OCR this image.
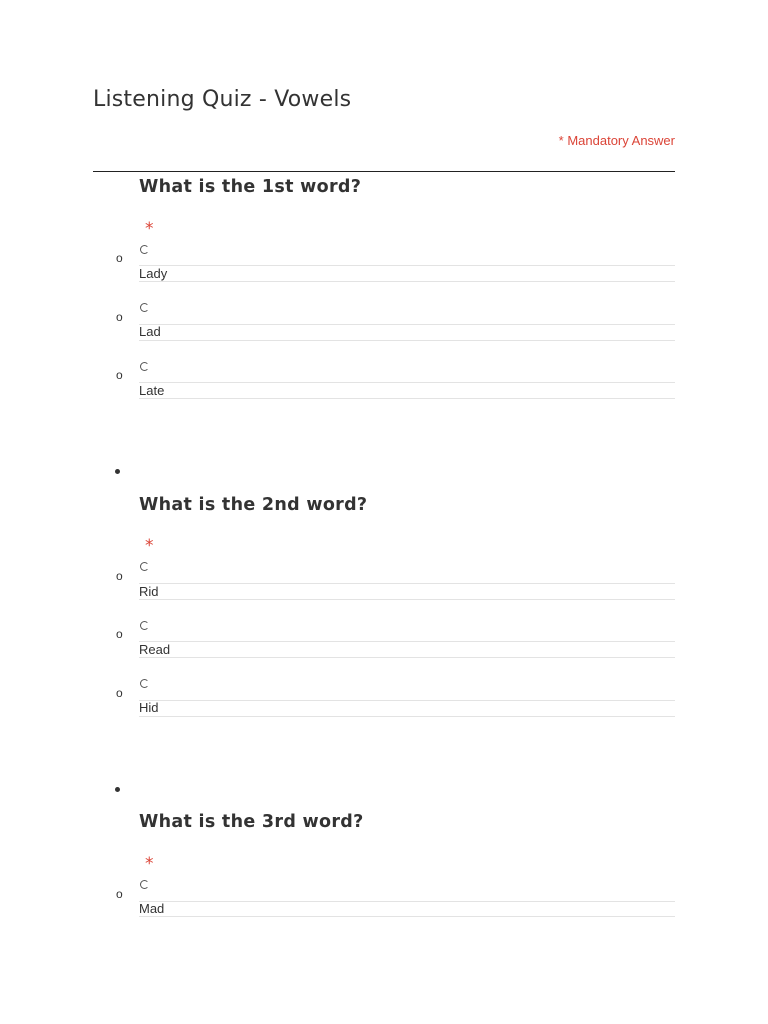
Listening Quiz - Vowels
* Mandatory Answer
What is the 1st word?
*
o
Lady
o
Lad
o
Late
What is the 2nd word?
*
o
Rid
o
Read
o
Hid
What is the 3rd word?
*
o
Mad
